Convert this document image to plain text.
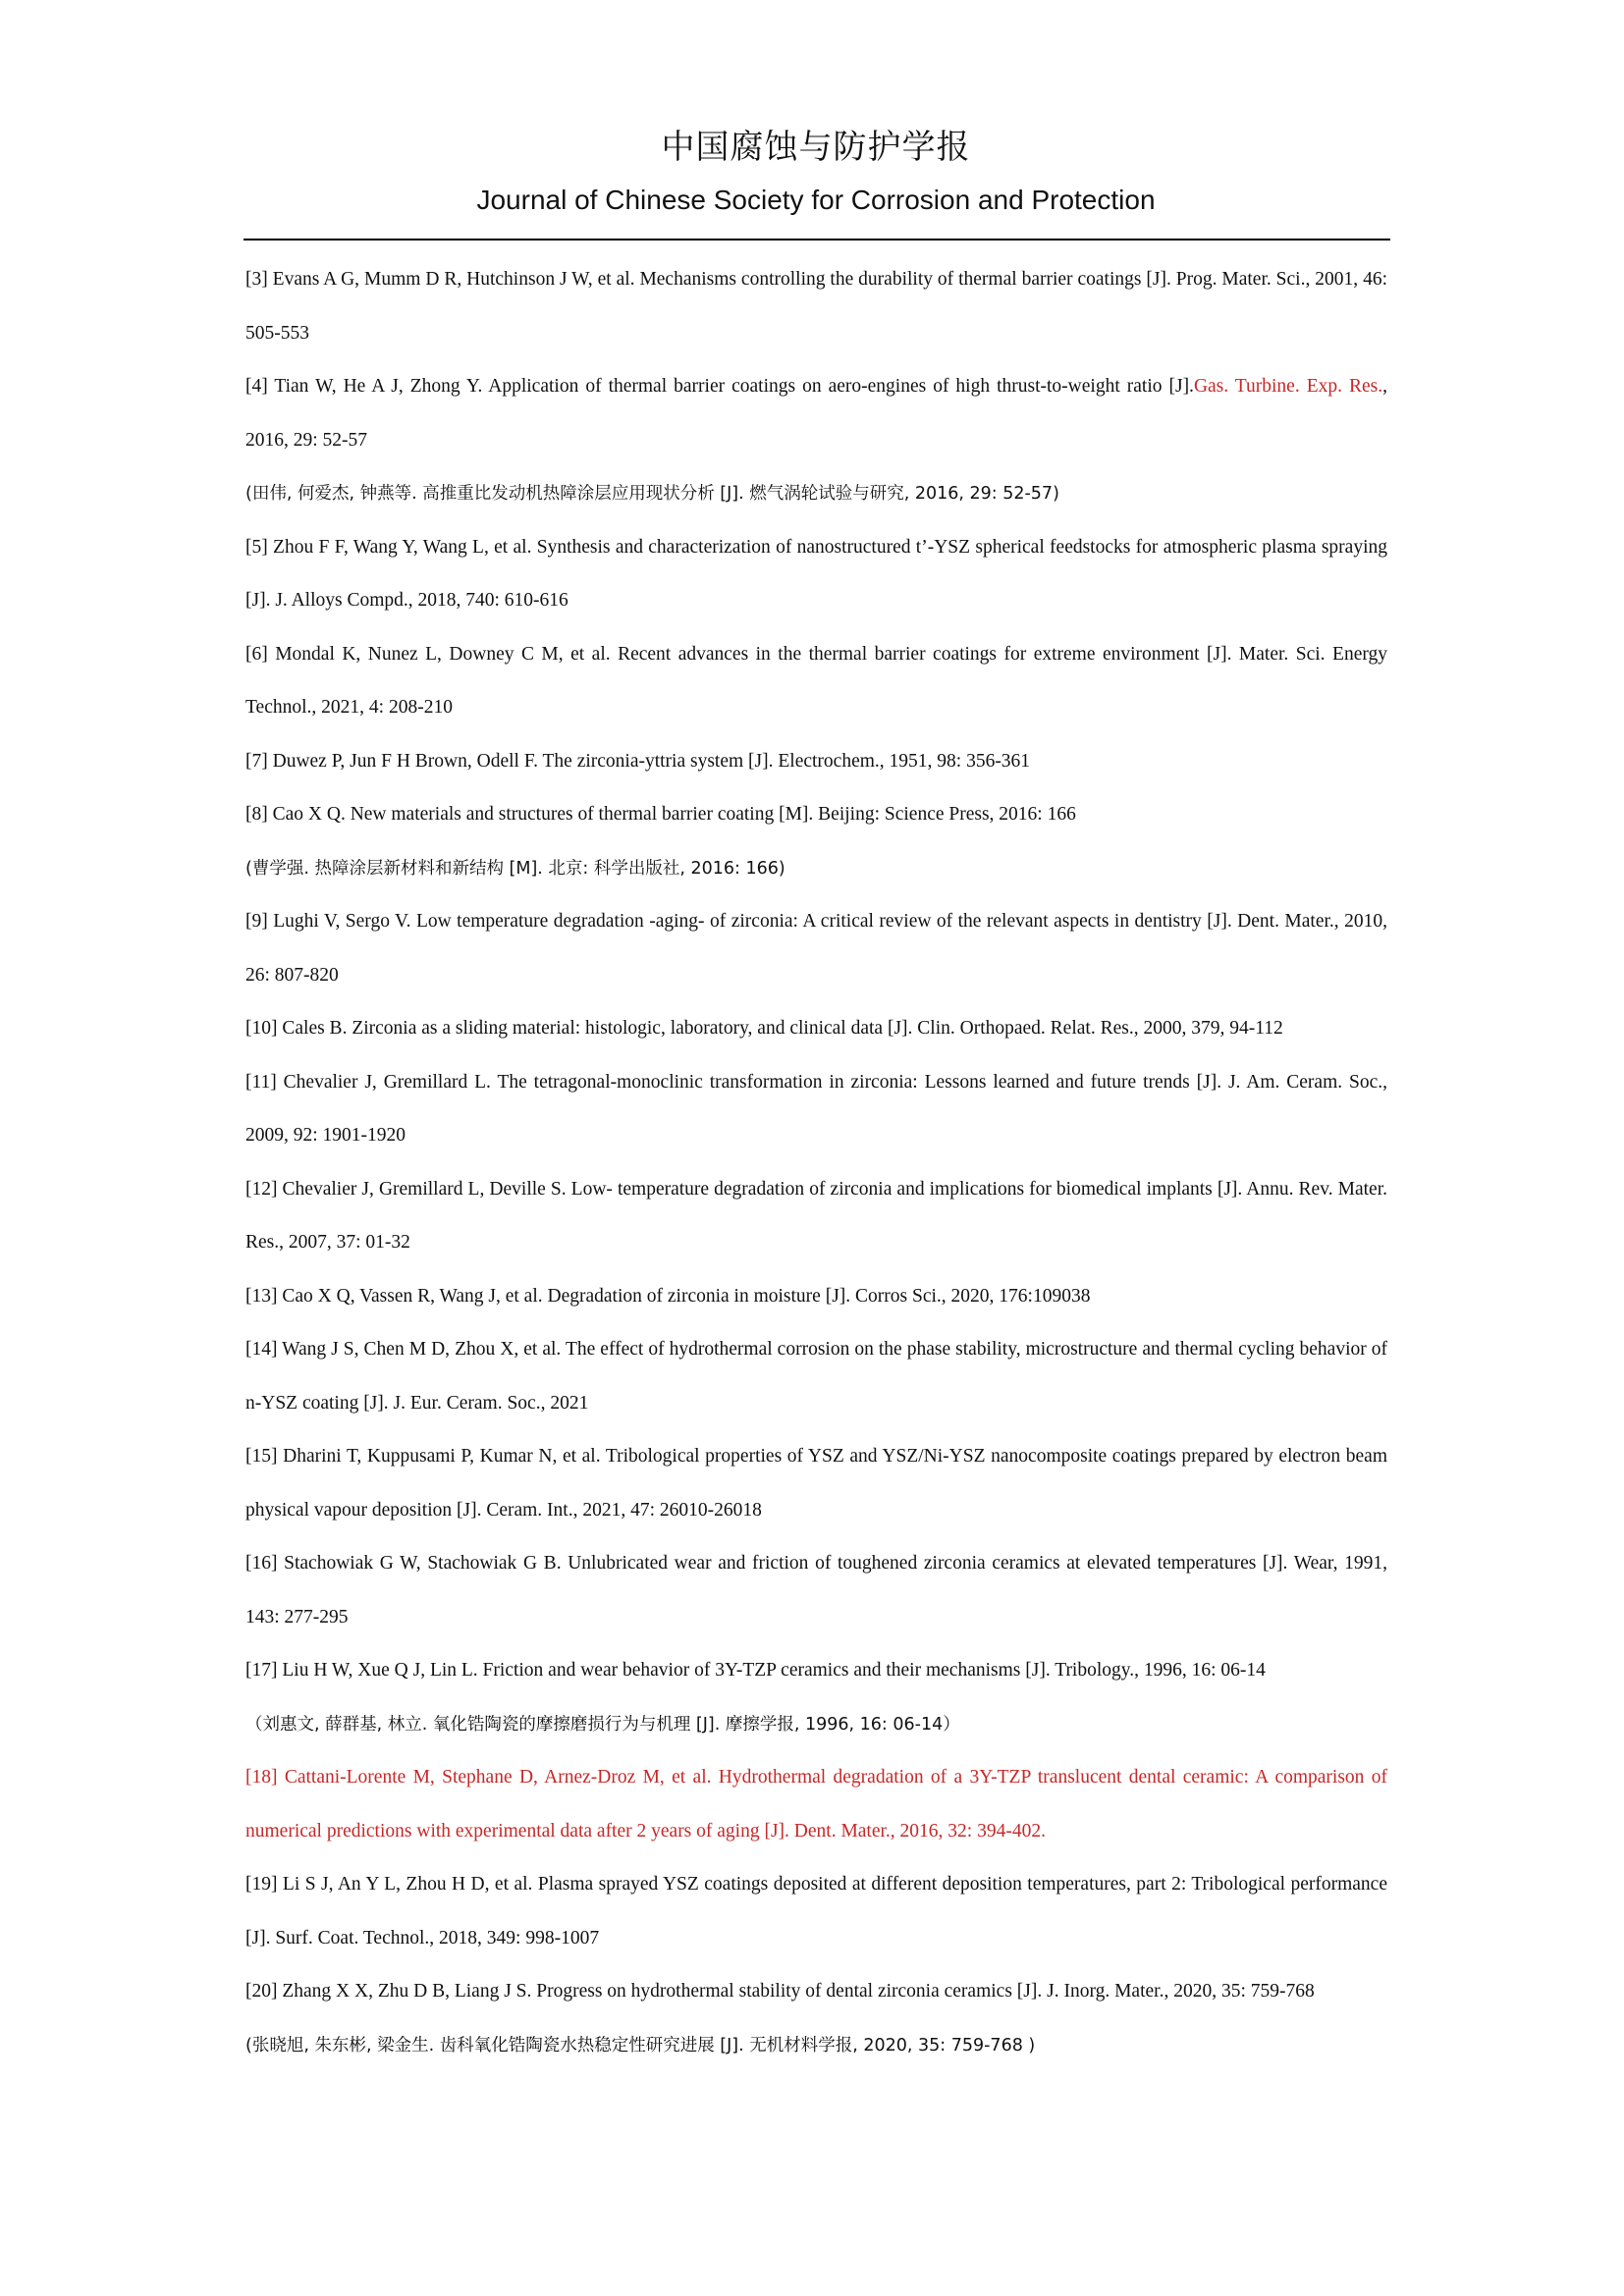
中国腐蚀与防护学报
Journal of Chinese Society for Corrosion and Protection
[3] Evans A G, Mumm D R, Hutchinson J W, et al. Mechanisms controlling the durability of thermal barrier coatings [J]. Prog. Mater. Sci., 2001, 46: 505-553
[4] Tian W, He A J, Zhong Y. Application of thermal barrier coatings on aero-engines of high thrust-to-weight ratio [J].Gas. Turbine. Exp. Res., 2016, 29: 52-57
(田伟, 何爱杰, 钟燕等. 高推重比发动机热障涂层应用现状分析 [J]. 燃气涡轮试验与研究, 2016, 29: 52-57)
[5] Zhou F F, Wang Y, Wang L, et al. Synthesis and characterization of nanostructured t’-YSZ spherical feedstocks for atmospheric plasma spraying [J]. J. Alloys Compd., 2018, 740: 610-616
[6] Mondal K, Nunez L, Downey C M, et al. Recent advances in the thermal barrier coatings for extreme environment [J]. Mater. Sci. Energy Technol., 2021, 4: 208-210
[7] Duwez P, Jun F H Brown, Odell F. The zirconia-yttria system [J]. Electrochem., 1951, 98: 356-361
[8] Cao X Q. New materials and structures of thermal barrier coating [M]. Beijing: Science Press, 2016: 166
(曹学强. 热障涂层新材料和新结构 [M]. 北京: 科学出版社, 2016: 166)
[9] Lughi V, Sergo V. Low temperature degradation -aging- of zirconia: A critical review of the relevant aspects in dentistry [J]. Dent. Mater., 2010, 26: 807-820
[10] Cales B. Zirconia as a sliding material: histologic, laboratory, and clinical data [J]. Clin. Orthopaed. Relat. Res., 2000, 379, 94-112
[11] Chevalier J, Gremillard L. The tetragonal-monoclinic transformation in zirconia: Lessons learned and future trends [J]. J. Am. Ceram. Soc., 2009, 92: 1901-1920
[12] Chevalier J, Gremillard L, Deville S. Low- temperature degradation of zirconia and implications for biomedical implants [J]. Annu. Rev. Mater. Res., 2007, 37: 01-32
[13] Cao X Q, Vassen R, Wang J, et al. Degradation of zirconia in moisture [J]. Corros Sci., 2020, 176:109038
[14] Wang J S, Chen M D, Zhou X, et al. The effect of hydrothermal corrosion on the phase stability, microstructure and thermal cycling behavior of n-YSZ coating [J]. J. Eur. Ceram. Soc., 2021
[15] Dharini T, Kuppusami P, Kumar N, et al. Tribological properties of YSZ and YSZ/Ni-YSZ nanocomposite coatings prepared by electron beam physical vapour deposition [J]. Ceram. Int., 2021, 47: 26010-26018
[16] Stachowiak G W, Stachowiak G B. Unlubricated wear and friction of toughened zirconia ceramics at elevated temperatures [J]. Wear, 1991, 143: 277-295
[17] Liu H W, Xue Q J, Lin L. Friction and wear behavior of 3Y-TZP ceramics and their mechanisms [J]. Tribology., 1996, 16: 06-14
（刘惠文, 薛群基, 林立. 氧化锆陶瓷的摩擦磨损行为与机理 [J]. 摩擦学报, 1996, 16: 06-14）
[18] Cattani-Lorente M, Stephane D, Arnez-Droz M, et al. Hydrothermal degradation of a 3Y-TZP translucent dental ceramic: A comparison of numerical predictions with experimental data after 2 years of aging [J]. Dent. Mater., 2016, 32: 394-402.
[19] Li S J, An Y L, Zhou H D, et al. Plasma sprayed YSZ coatings deposited at different deposition temperatures, part 2: Tribological performance [J]. Surf. Coat. Technol., 2018, 349: 998-1007
[20] Zhang X X, Zhu D B, Liang J S. Progress on hydrothermal stability of dental zirconia ceramics [J]. J. Inorg. Mater., 2020, 35: 759-768
(张晓旭, 朱东彬, 梁金生. 齿科氧化锆陶瓷水热稳定性研究进展 [J]. 无机材料学报, 2020, 35: 759-768 )
